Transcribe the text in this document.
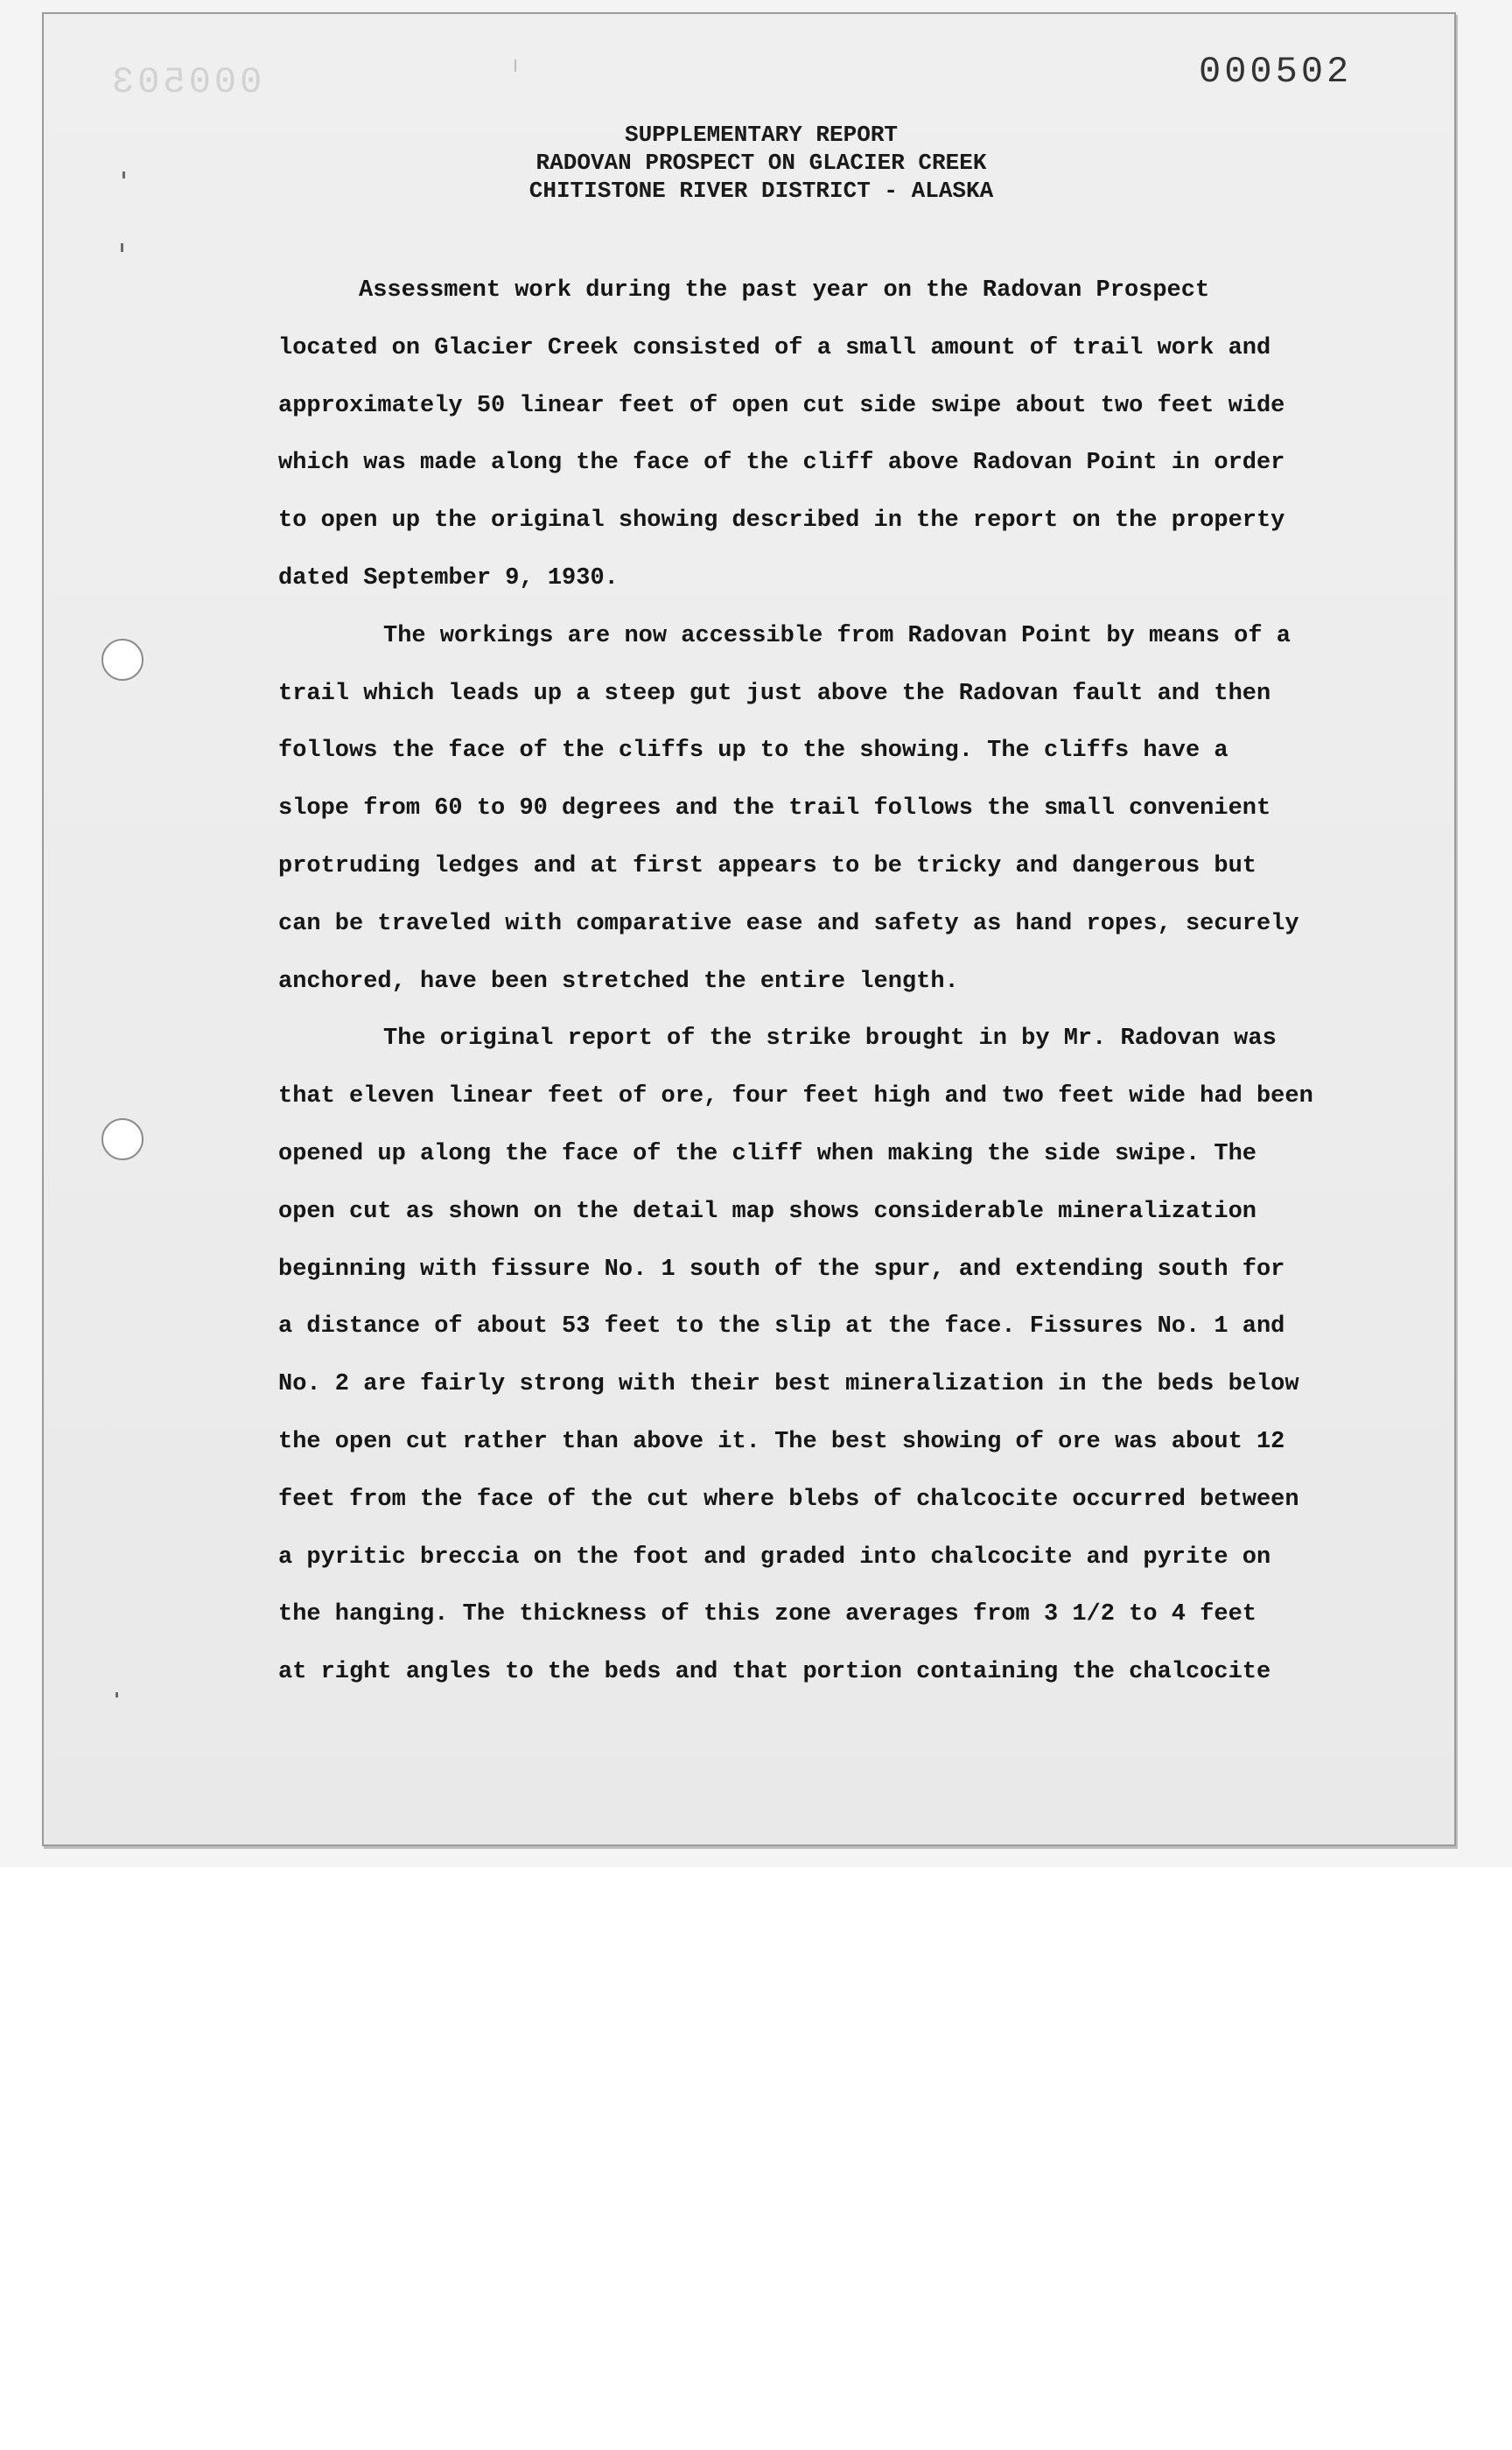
000503	000502
SUPPLEMENTARY REPORT
RADOVAN PROSPECT ON GLACIER CREEK
CHITISTONE RIVER DISTRICT - ALASKA
Assessment work during the past year on the Radovan Prospect
located on Glacier Creek consisted of a small amount of trail work and
approximately 50 linear feet of open cut side swipe about two feet wide
which was made along the face of the cliff above Radovan Point in order
to open up the original showing described in the report on the property
dated September 9, 1930.
The workings are now accessible from Radovan Point by means of a
trail which leads up a steep gut just above the Radovan fault and then
follows the face of the cliffs up to the showing. The cliffs have a
slope from 60 to 90 degrees and the trail follows the small convenient
protruding ledges and at first appears to be tricky and dangerous but
can be traveled with comparative ease and safety as hand ropes, securely
anchored, have been stretched the entire length.
The original report of the strike brought in by Mr. Radovan was
that eleven linear feet of ore, four feet high and two feet wide had been
opened up along the face of the cliff when making the side swipe. The
open cut as shown on the detail map shows considerable mineralization
beginning with fissure No. 1 south of the spur, and extending south for
a distance of about 53 feet to the slip at the face. Fissures No. 1 and
No. 2 are fairly strong with their best mineralization in the beds below
the open cut rather than above it. The best showing of ore was about 12
feet from the face of the cut where blebs of chalcocite occurred between
a pyritic breccia on the foot and graded into chalcocite and pyrite on
the hanging. The thickness of this zone averages from 3 1/2 to 4 feet
at right angles to the beds and that portion containing the chalcocite
